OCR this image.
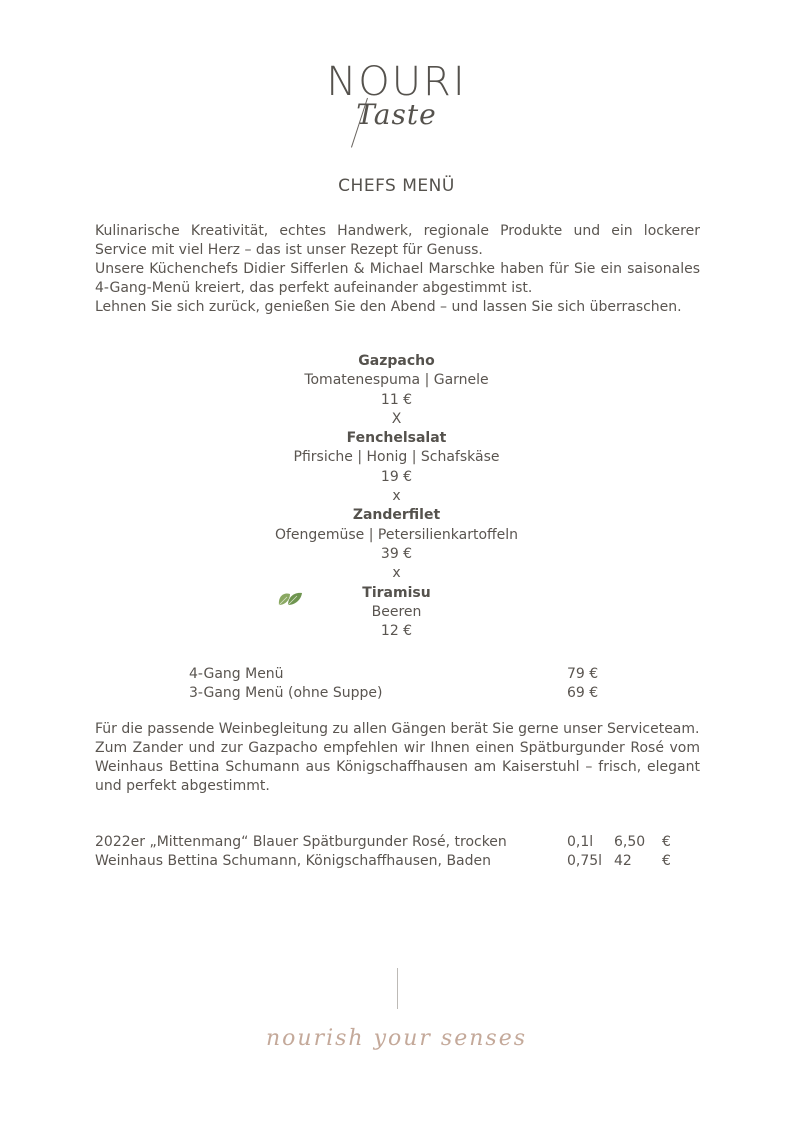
NOURI
Taste
CHEFS MENÜ

Kulinarische Kreativität, echtes Handwerk, regionale Produkte und ein lockerer Service mit viel Herz – das ist unser Rezept für Genuss.

Unsere Küchenchefs Didier Sifferlen & Michael Marschke haben für Sie ein saisonales 4-Gang-Menü kreiert, das perfekt aufeinander abgestimmt ist.

Lehnen Sie sich zurück, genießen Sie den Abend – und lassen Sie sich überraschen.

Gazpacho
Tomatenespuma | Garnele
11 €
X
Fenchelsalat
Pfirsiche | Honig | Schafskäse
19 €
x
Zanderfilet
Ofengemüse | Petersilienkartoffeln
39 €
x
Tiramisu
Beeren
12 €
4-Gang Menü	79 €
3-Gang Menü (ohne Suppe)	69 €

Für die passende Weinbegleitung zu allen Gängen berät Sie gerne unser Serviceteam.

Zum Zander und zur Gazpacho empfehlen wir Ihnen einen Spätburgunder Rosé vom Weinhaus Bettina Schumann aus Königschaffhausen am Kaiserstuhl – frisch, elegant und perfekt abgestimmt.

2022er „Mittenmang“ Blauer Spätburgunder Rosé, trocken	0,1l 6,50 €
Weinhaus Bettina Schumann, Königschaffhausen, Baden	0,75l 42 €
nourish your senses
